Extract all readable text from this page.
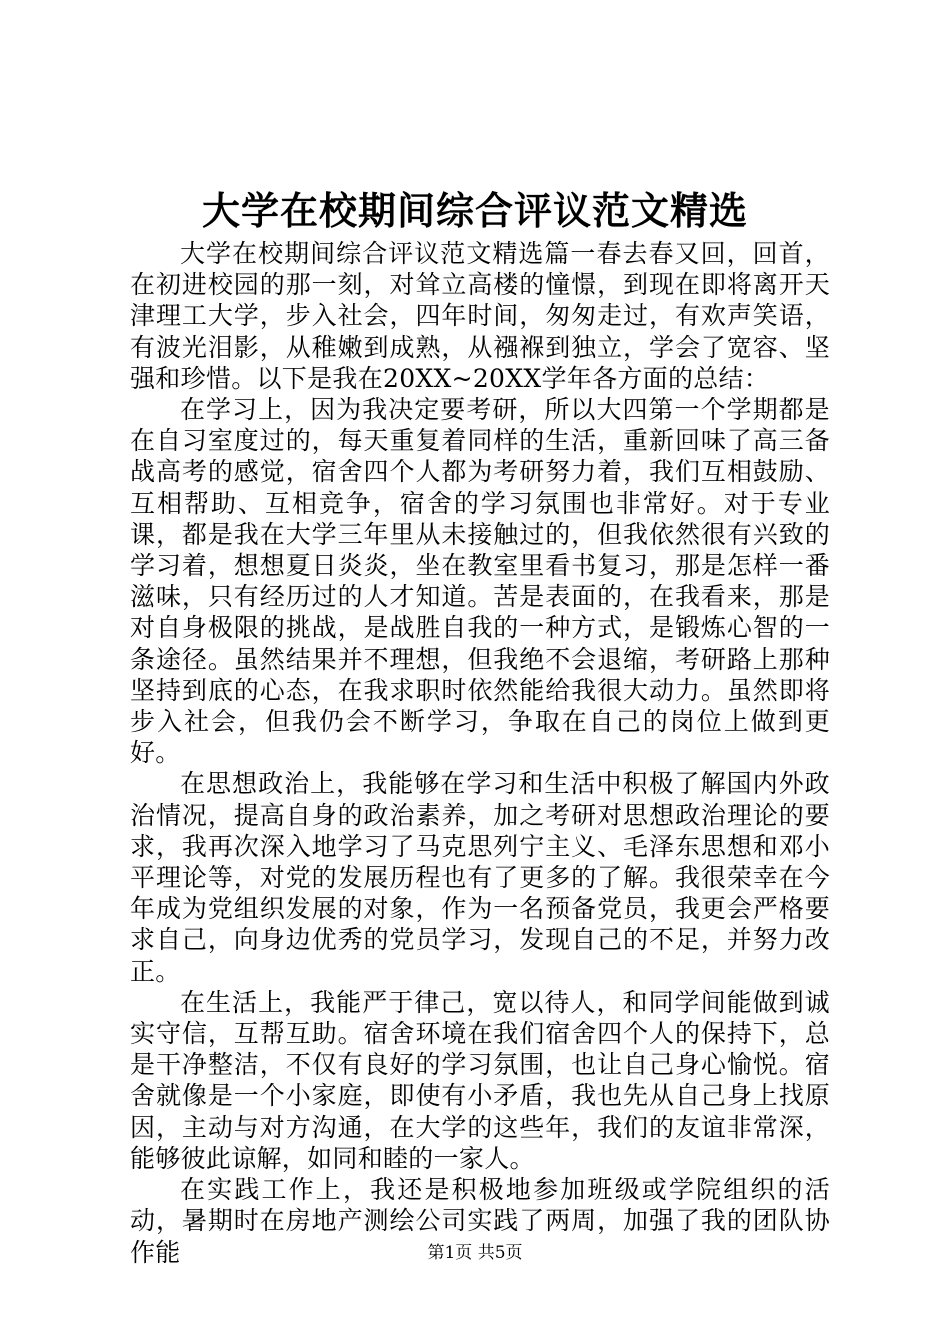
大学在校期间综合评议范文精选

大学在校期间综合评议范文精选篇一春去春又回，回首，在初进校园的那一刻，对耸立高楼的憧憬，到现在即将离开天津理工大学，步入社会，四年时间，匆匆走过，有欢声笑语，有波光泪影，从稚嫩到成熟，从襁褓到独立，学会了宽容、坚强和珍惜。以下是我在20XX~20XX学年各方面的总结：

在学习上，因为我决定要考研，所以大四第一个学期都是在自习室度过的，每天重复着同样的生活，重新回味了高三备战高考的感觉，宿舍四个人都为考研努力着，我们互相鼓励、互相帮助、互相竞争，宿舍的学习氛围也非常好。对于专业课，都是我在大学三年里从未接触过的，但我依然很有兴致的学习着，想想夏日炎炎，坐在教室里看书复习，那是怎样一番滋味，只有经历过的人才知道。苦是表面的，在我看来，那是对自身极限的挑战，是战胜自我的一种方式，是锻炼心智的一条途径。虽然结果并不理想，但我绝不会退缩，考研路上那种坚持到底的心态，在我求职时依然能给我很大动力。虽然即将步入社会，但我仍会不断学习，争取在自己的岗位上做到更好。

在思想政治上，我能够在学习和生活中积极了解国内外政治情况，提高自身的政治素养，加之考研对思想政治理论的要求，我再次深入地学习了马克思列宁主义、毛泽东思想和邓小平理论等，对党的发展历程也有了更多的了解。我很荣幸在今年成为党组织发展的对象，作为一名预备党员，我更会严格要求自己，向身边优秀的党员学习，发现自己的不足，并努力改正。

在生活上，我能严于律己，宽以待人，和同学间能做到诚实守信，互帮互助。宿舍环境在我们宿舍四个人的保持下，总是干净整洁，不仅有良好的学习氛围，也让自己身心愉悦。宿舍就像是一个小家庭，即使有小矛盾，我也先从自己身上找原因，主动与对方沟通，在大学的这些年，我们的友谊非常深，能够彼此谅解，如同和睦的一家人。

在实践工作上，我还是积极地参加班级或学院组织的活动，暑期时在房地产测绘公司实践了两周，加强了我的团队协作能	第1页 共5页
